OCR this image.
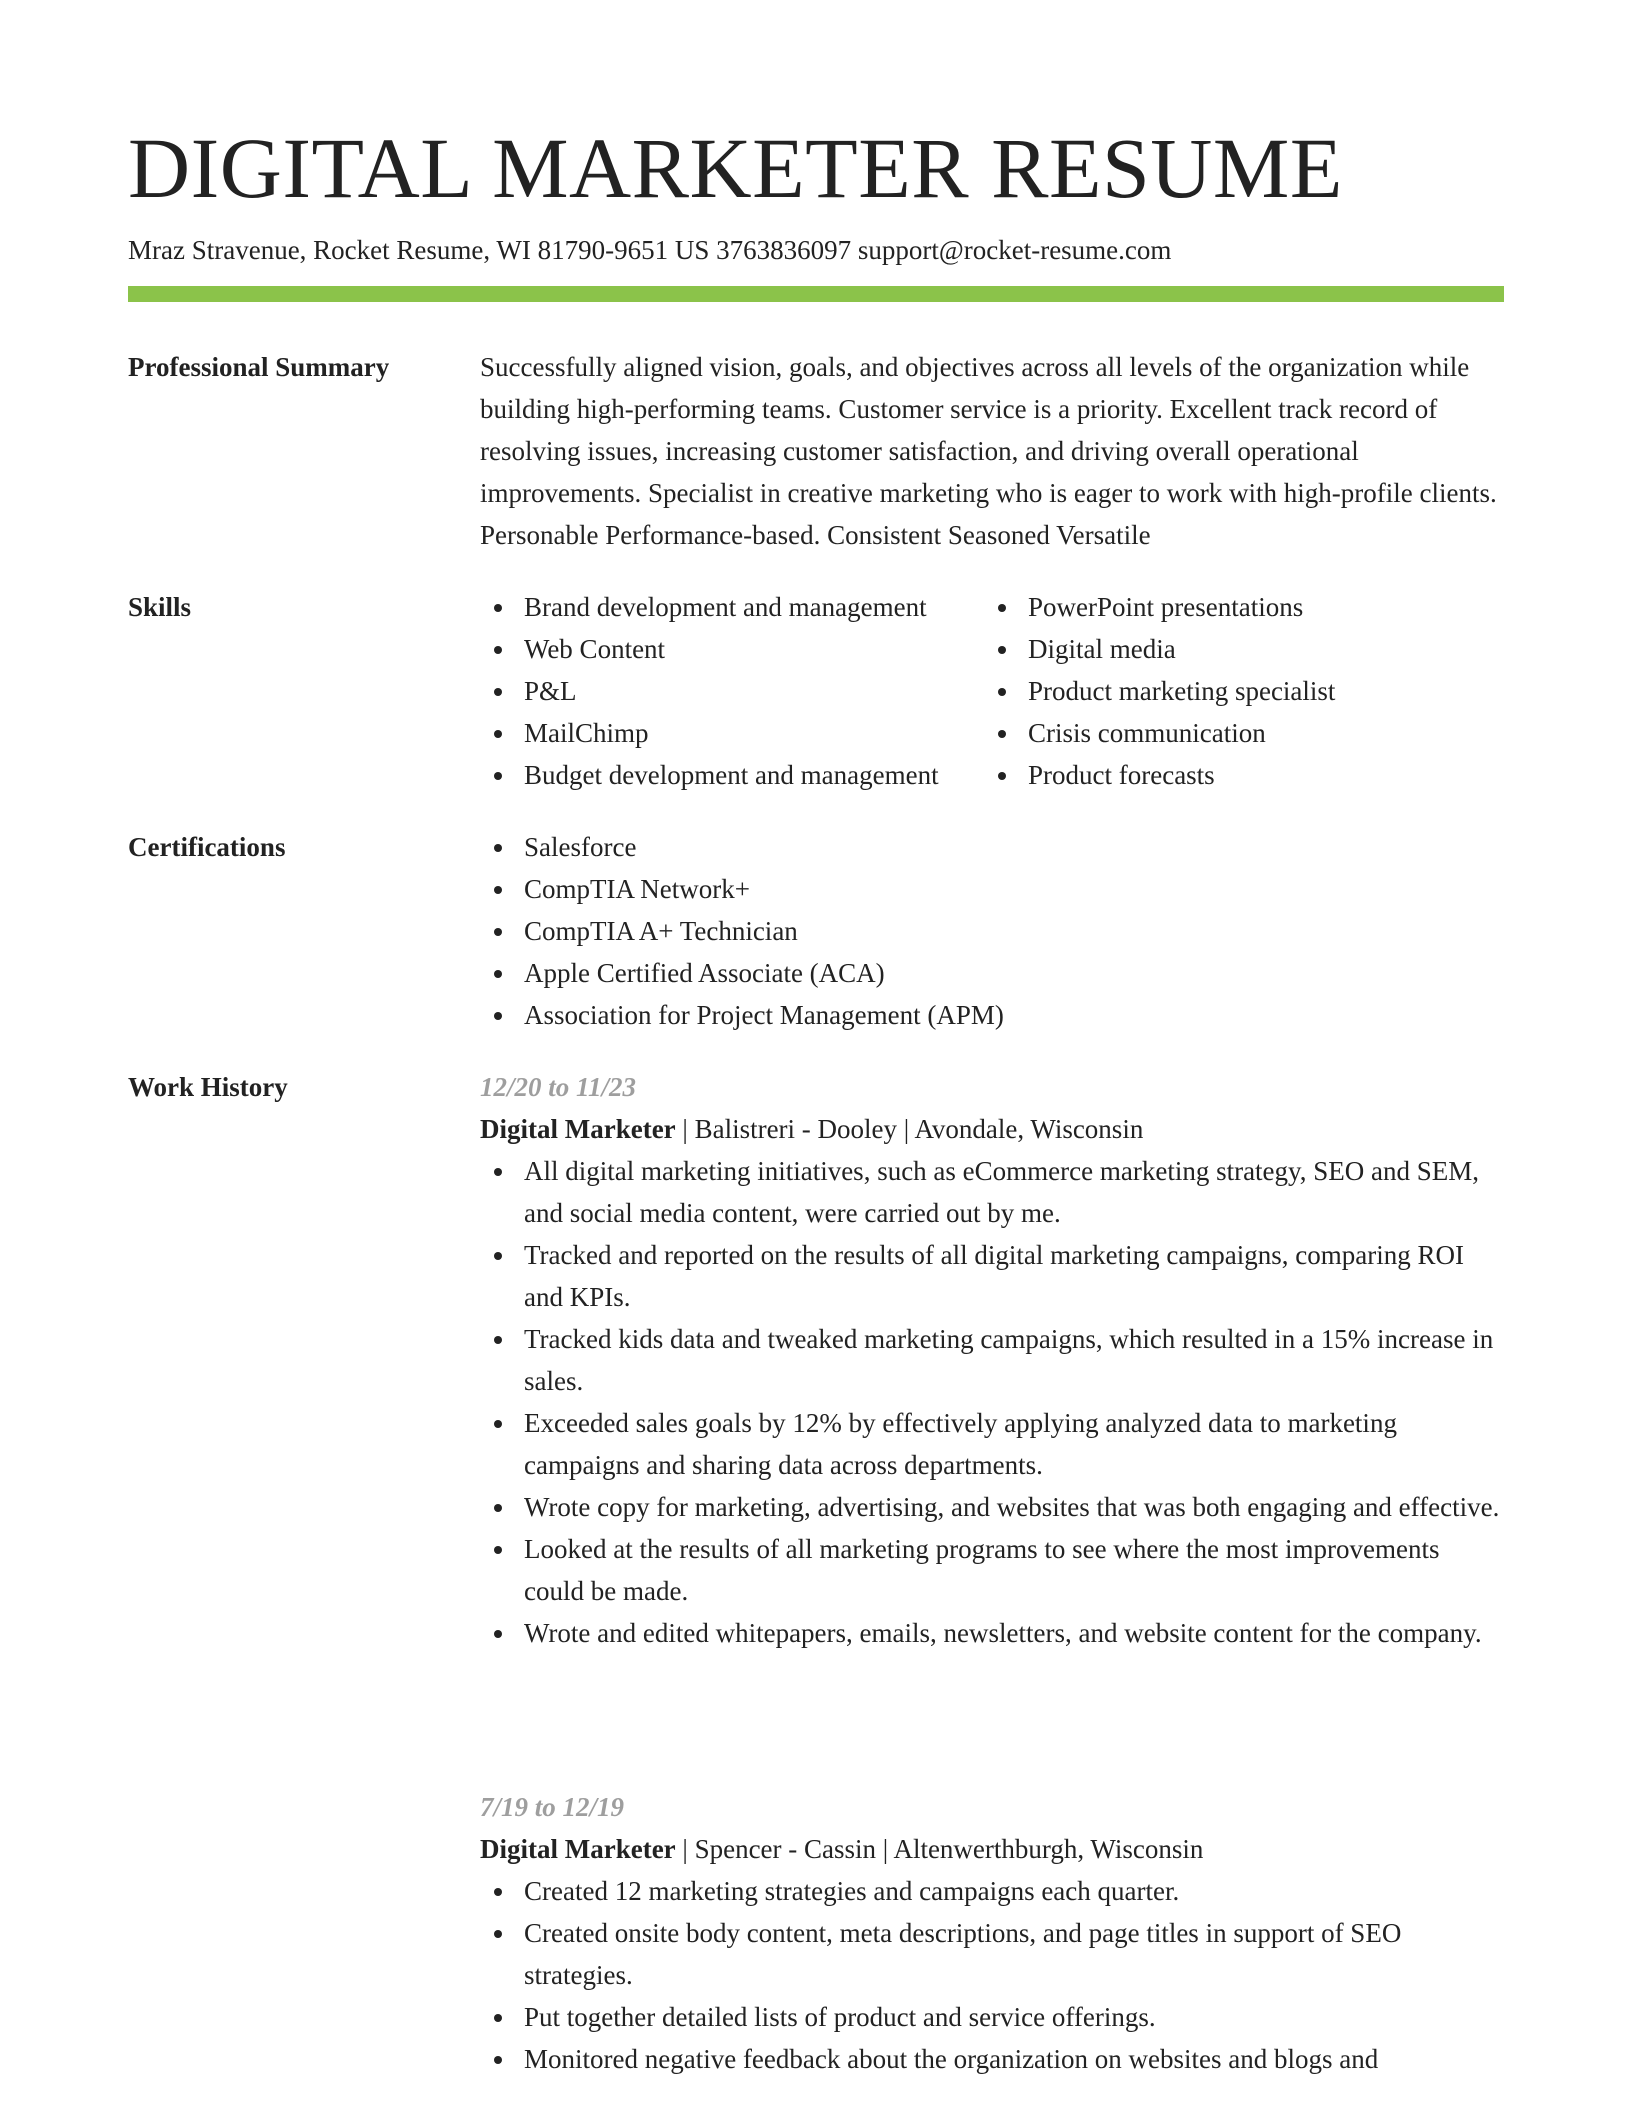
DIGITAL MARKETER RESUME
Mraz Stravenue, Rocket Resume, WI 81790-9651 US 3763836097 support@rocket-resume.com
Professional Summary	Successfully aligned vision, goals, and objectives across all levels of the organization while building high-performing teams. Customer service is a priority. Excellent track record of resolving issues, increasing customer satisfaction, and driving overall operational improvements. Specialist in creative marketing who is eager to work with high-profile clients. Personable Performance-based. Consistent Seasoned Versatile

Skills	Brand development and management
Web Content
P&L
MailChimp
Budget development and management
PowerPoint presentations
Digital media
Product marketing specialist
Crisis communication
Product forecasts
Certifications	Salesforce
CompTIA Network+
CompTIA A+ Technician
Apple Certified Associate (ACA)
Association for Project Management (APM)
Work History	12/20 to 11/23
Digital Marketer | Balistreri - Dooley | Avondale, Wisconsin
All digital marketing initiatives, such as eCommerce marketing strategy, SEO and SEM, and social media content, were carried out by me.
Tracked and reported on the results of all digital marketing campaigns, comparing ROI and KPIs.
Tracked kids data and tweaked marketing campaigns, which resulted in a 15% increase in sales.
Exceeded sales goals by 12% by effectively applying analyzed data to marketing campaigns and sharing data across departments.
Wrote copy for marketing, advertising, and websites that was both engaging and effective.
Looked at the results of all marketing programs to see where the most improvements could be made.
Wrote and edited whitepapers, emails, newsletters, and website content for the company.
7/19 to 12/19
Digital Marketer | Spencer - Cassin | Altenwerthburgh, Wisconsin
Created 12 marketing strategies and campaigns each quarter.
Created onsite body content, meta descriptions, and page titles in support of SEO strategies.
Put together detailed lists of product and service offerings.
Monitored negative feedback about the organization on websites and blogs and
